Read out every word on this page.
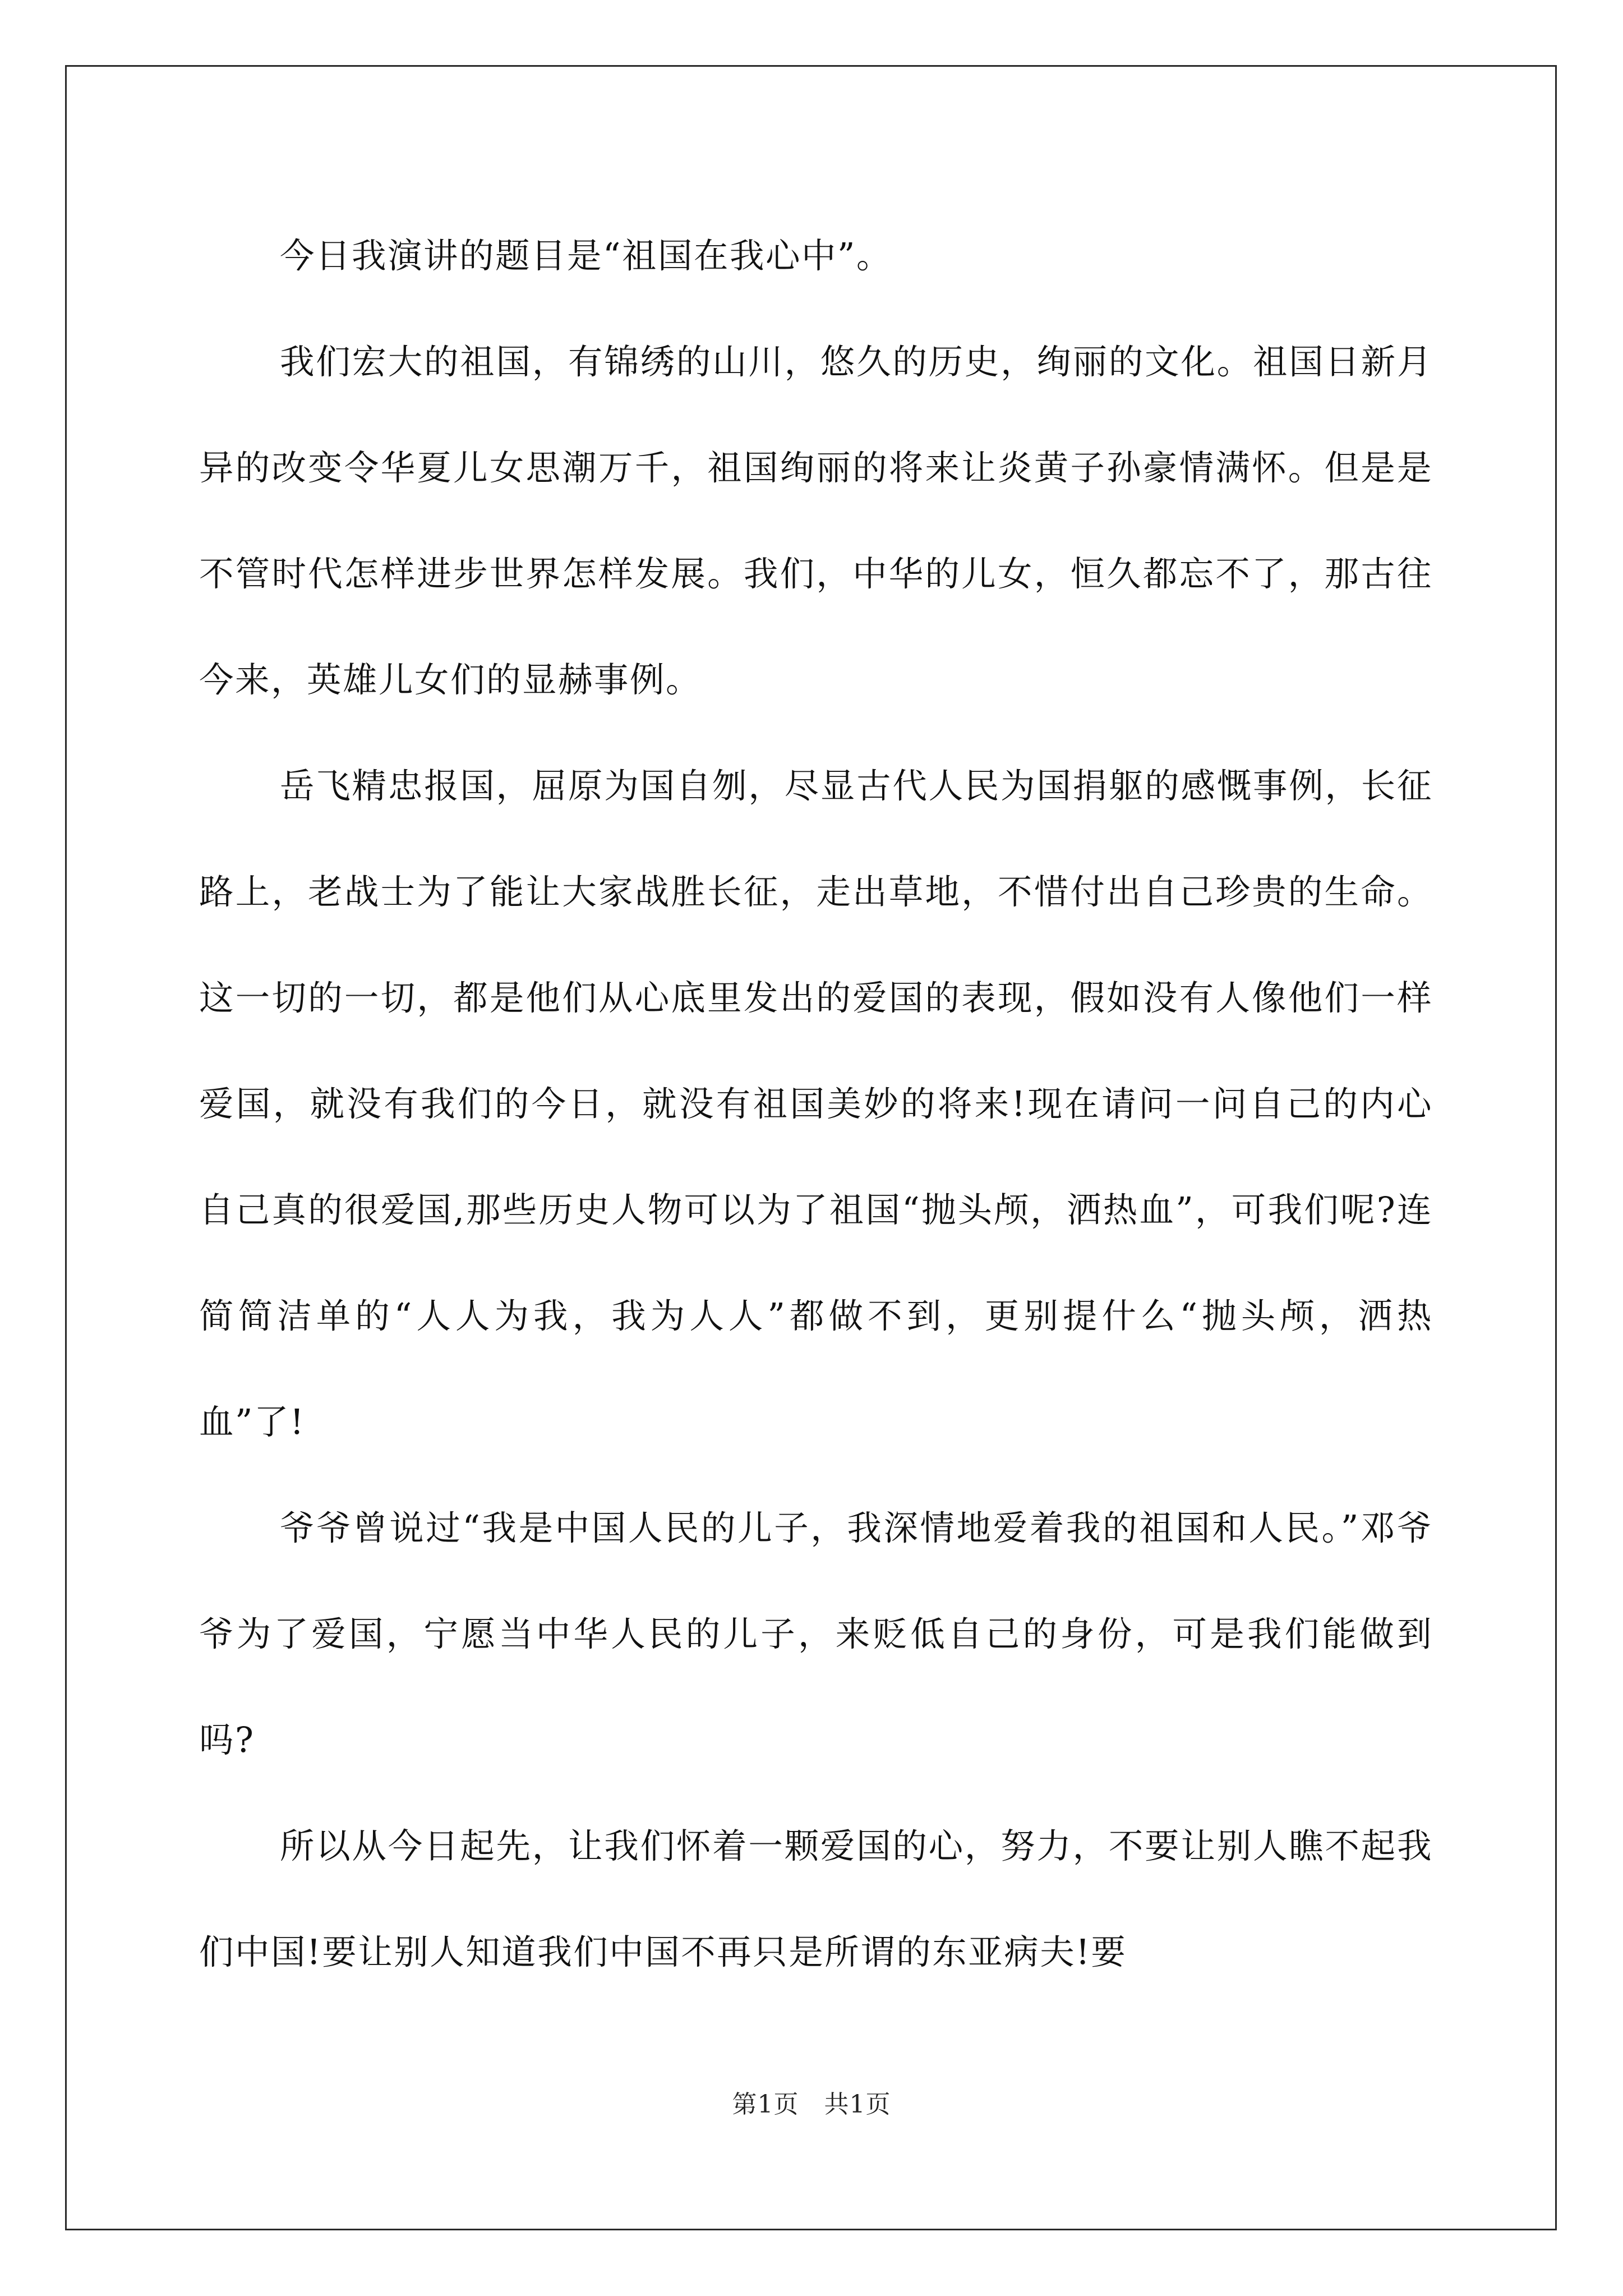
今日我演讲的题目是“祖国在我心中”。

我们宏大的祖国，有锦绣的山川，悠久的历史，绚丽的文化。祖国日新月异的改变令华夏儿女思潮万千，祖国绚丽的将来让炎黄子孙豪情满怀。但是是不管时代怎样进步世界怎样发展。我们，中华的儿女，恒久都忘不了，那古往今来，英雄儿女们的显赫事例。

岳飞精忠报国，屈原为国自刎，尽显古代人民为国捐躯的感慨事例，长征路上，老战士为了能让大家战胜长征，走出草地，不惜付出自己珍贵的生命。这一切的一切，都是他们从心底里发出的爱国的表现，假如没有人像他们一样爱国，就没有我们的今日，就没有祖国美妙的将来!现在请问一问自己的内心自己真的很爱国,那些历史人物可以为了祖国“抛头颅，洒热血”，可我们呢?连简简洁单的“人人为我，我为人人”都做不到，更别提什么“抛头颅，洒热血”了!

爷爷曾说过“我是中国人民的儿子，我深情地爱着我的祖国和人民。”邓爷爷为了爱国，宁愿当中华人民的儿子，来贬低自己的身份，可是我们能做到吗?

所以从今日起先，让我们怀着一颗爱国的心，努力，不要让别人瞧不起我们中国!要让别人知道我们中国不再只是所谓的东亚病夫!要

第1页   共1页
